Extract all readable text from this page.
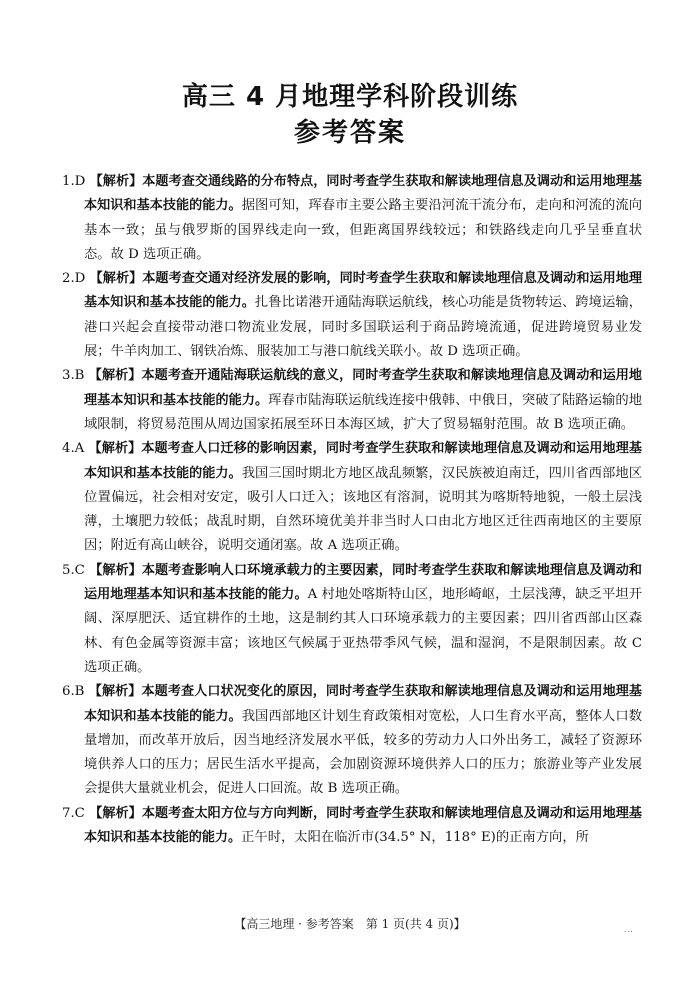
高三 4 月地理学科阶段训练
参考答案

1.D 【解析】本题考查交通线路的分布特点，同时考查学生获取和解读地理信息及调动和运用地理基本知识和基本技能的能力。据图可知，珲春市主要公路主要沿河流干流分布，走向和河流的流向基本一致；虽与俄罗斯的国界线走向一致，但距离国界线较远；和铁路线走向几乎呈垂直状态。故 D 选项正确。

2.D 【解析】本题考查交通对经济发展的影响，同时考查学生获取和解读地理信息及调动和运用地理基本知识和基本技能的能力。扎鲁比诺港开通陆海联运航线，核心功能是货物转运、跨境运输，港口兴起会直接带动港口物流业发展，同时多国联运利于商品跨境流通，促进跨境贸易业发展；牛羊肉加工、钢铁冶炼、服装加工与港口航线关联小。故 D 选项正确。

3.B 【解析】本题考查开通陆海联运航线的意义，同时考查学生获取和解读地理信息及调动和运用地理基本知识和基本技能的能力。珲春市陆海联运航线连接中俄韩、中俄日，突破了陆路运输的地域限制，将贸易范围从周边国家拓展至环日本海区域，扩大了贸易辐射范围。故 B 选项正确。

4.A 【解析】本题考查人口迁移的影响因素，同时考查学生获取和解读地理信息及调动和运用地理基本知识和基本技能的能力。我国三国时期北方地区战乱频繁，汉民族被迫南迁，四川省西部地区位置偏远，社会相对安定，吸引人口迁入；该地区有溶洞，说明其为喀斯特地貌，一般土层浅薄，土壤肥力较低；战乱时期，自然环境优美并非当时人口由北方地区迁往西南地区的主要原因；附近有高山峡谷，说明交通闭塞。故 A 选项正确。

5.C 【解析】本题考查影响人口环境承载力的主要因素，同时考查学生获取和解读地理信息及调动和运用地理基本知识和基本技能的能力。A 村地处喀斯特山区，地形崎岖，土层浅薄，缺乏平坦开阔、深厚肥沃、适宜耕作的土地，这是制约其人口环境承载力的主要因素；四川省西部山区森林、有色金属等资源丰富；该地区气候属于亚热带季风气候，温和湿润，不是限制因素。故 C 选项正确。

6.B 【解析】本题考查人口状况变化的原因，同时考查学生获取和解读地理信息及调动和运用地理基本知识和基本技能的能力。我国西部地区计划生育政策相对宽松，人口生育水平高，整体人口数量增加，而改革开放后，因当地经济发展水平低，较多的劳动力人口外出务工，减轻了资源环境供养人口的压力；居民生活水平提高，会加剧资源环境供养人口的压力；旅游业等产业发展会提供大量就业机会，促进人口回流。故 B 选项正确。

7.C 【解析】本题考查太阳方位与方向判断，同时考查学生获取和解读地理信息及调动和运用地理基本知识和基本技能的能力。正午时，太阳在临沂市(34.5° N，118° E)的正南方向，所

【高三地理 · 参考答案　第 1 页(共 4 页)】	...
